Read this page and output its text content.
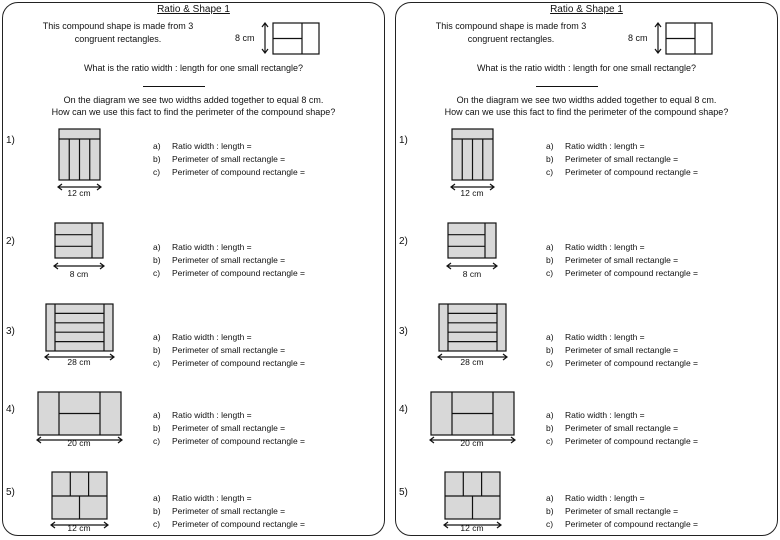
Ratio & Shape 1
This compound shape is made from 3 congruent rectangles.	8 cm
What is the ratio width : length for one small rectangle?
On the diagram we see two widths added together to equal 8 cm.
How can we use this fact to find the perimeter of the compound shape?
1)
12 cm
a)	Ratio width : length =
b)	Perimeter of small rectangle =
c)	Perimeter of compound rectangle =
2)
8 cm
a)	Ratio width : length =
b)	Perimeter of small rectangle =
c)	Perimeter of compound rectangle =
3)
28 cm
a)	Ratio width : length =
b)	Perimeter of small rectangle =
c)	Perimeter of compound rectangle =
4)
20 cm
a)	Ratio width : length =
b)	Perimeter of small rectangle =
c)	Perimeter of compound rectangle =
5)
12 cm
a)	Ratio width : length =
b)	Perimeter of small rectangle =
c)	Perimeter of compound rectangle =
Ratio & Shape 1
This compound shape is made from 3 congruent rectangles.	8 cm
What is the ratio width : length for one small rectangle?
On the diagram we see two widths added together to equal 8 cm.
How can we use this fact to find the perimeter of the compound shape?
1)
12 cm
a)	Ratio width : length =
b)	Perimeter of small rectangle =
c)	Perimeter of compound rectangle =
2)
8 cm
a)	Ratio width : length =
b)	Perimeter of small rectangle =
c)	Perimeter of compound rectangle =
3)
28 cm
a)	Ratio width : length =
b)	Perimeter of small rectangle =
c)	Perimeter of compound rectangle =
4)
20 cm
a)	Ratio width : length =
b)	Perimeter of small rectangle =
c)	Perimeter of compound rectangle =
5)
12 cm
a)	Ratio width : length =
b)	Perimeter of small rectangle =
c)	Perimeter of compound rectangle =
